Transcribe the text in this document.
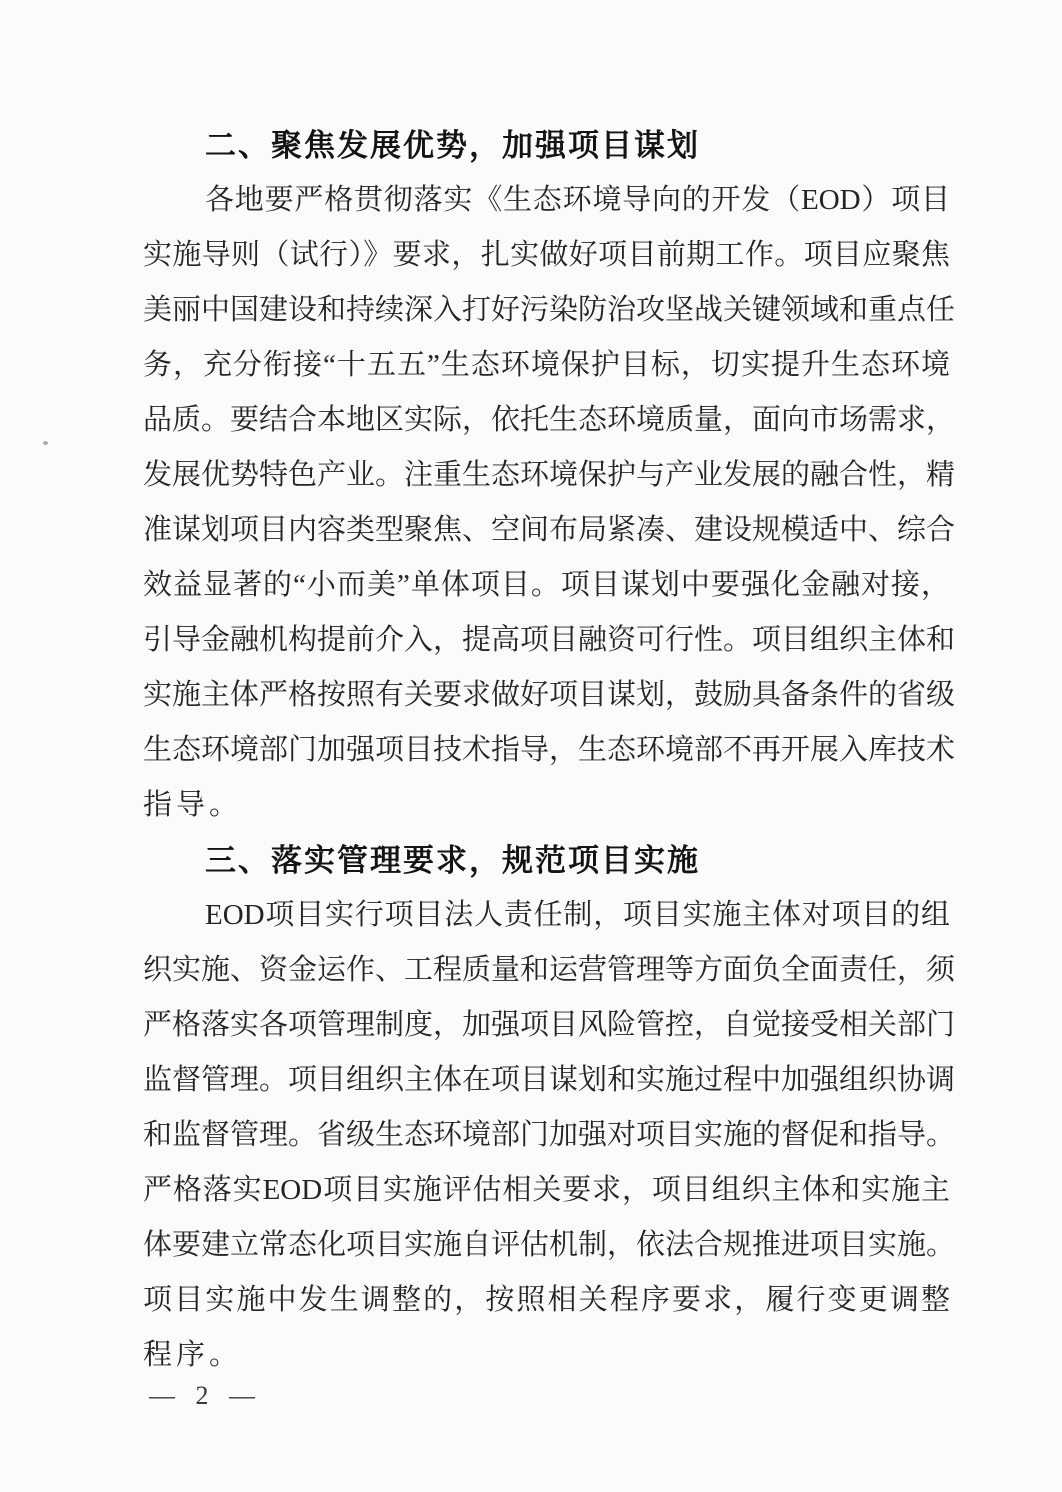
二、聚焦发展优势，加强项目谋划
各地要严格贯彻落实《生态环境导向的开发（EOD）项目
实施导则（试行）》要求，扎实做好项目前期工作。项目应聚焦
美丽中国建设和持续深入打好污染防治攻坚战关键领域和重点任
务，充分衔接“十五五”生态环境保护目标，切实提升生态环境
品质。要结合本地区实际，依托生态环境质量，面向市场需求，
发展优势特色产业。注重生态环境保护与产业发展的融合性，精
准谋划项目内容类型聚焦、空间布局紧凑、建设规模适中、综合
效益显著的“小而美”单体项目。项目谋划中要强化金融对接，
引导金融机构提前介入，提高项目融资可行性。项目组织主体和
实施主体严格按照有关要求做好项目谋划，鼓励具备条件的省级
生态环境部门加强项目技术指导，生态环境部不再开展入库技术
指导。
三、落实管理要求，规范项目实施
EOD项目实行项目法人责任制，项目实施主体对项目的组
织实施、资金运作、工程质量和运营管理等方面负全面责任，须
严格落实各项管理制度，加强项目风险管控，自觉接受相关部门
监督管理。项目组织主体在项目谋划和实施过程中加强组织协调
和监督管理。省级生态环境部门加强对项目实施的督促和指导。
严格落实EOD项目实施评估相关要求，项目组织主体和实施主
体要建立常态化项目实施自评估机制，依法合规推进项目实施。
项目实施中发生调整的，按照相关程序要求，履行变更调整
程序。
— 2 —
